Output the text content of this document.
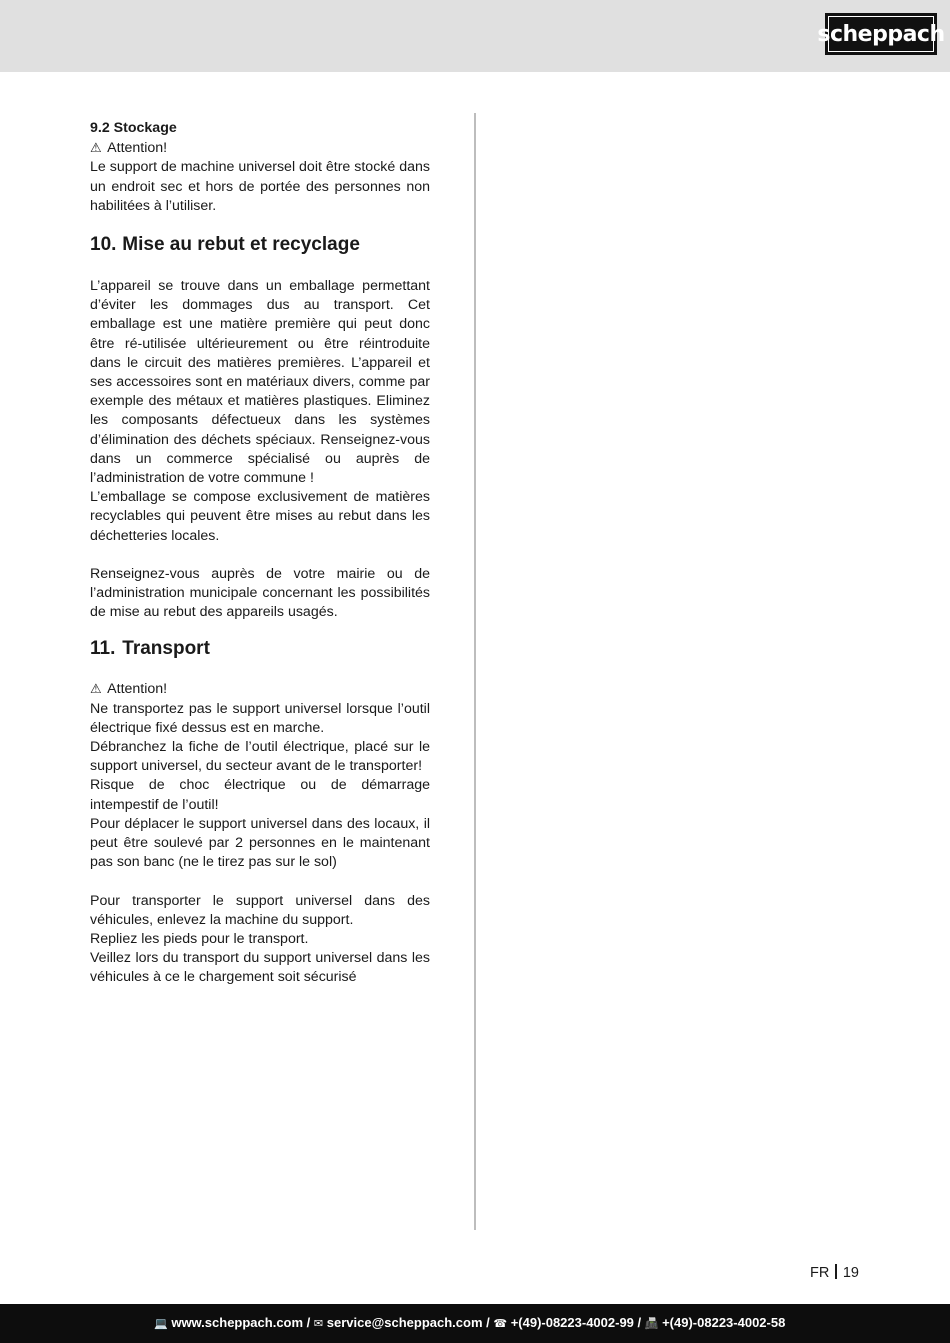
scheppach

9.2 Stockage

⚠ Attention!

Le support de machine universel doit être stocké dans un endroit sec et hors de portée des personnes non habilitées à l’utiliser.

10. Mise au rebut et recyclage

L’appareil se trouve dans un emballage permettant d’éviter les dommages dus au transport. Cet emballage est une matière première qui peut donc être ré-utilisée ultérieurement ou être réintroduite dans le circuit des matières premières. L’appareil et ses accessoires sont en matériaux divers, comme par exemple des métaux et matières plastiques. Eliminez les composants défectueux dans les systèmes d’élimination des déchets spéciaux. Renseignez-vous dans un commerce spécialisé ou auprès de l’administration de votre commune !

L’emballage se compose exclusivement de matières recyclables qui peuvent être mises au rebut dans les déchetteries locales.

Renseignez-vous auprès de votre mairie ou de l’administration municipale concernant les possibilités de mise au rebut des appareils usagés.

11. Transport

⚠ Attention!

Ne transportez pas le support universel lorsque l’outil électrique fixé dessus est en marche.

Débranchez la fiche de l’outil électrique, placé sur le support universel, du secteur avant de le transporter!

Risque de choc électrique ou de démarrage intempestif de l’outil!

Pour déplacer le support universel dans des locaux, il peut être soulevé par 2 personnes en le maintenant pas son banc (ne le tirez pas sur le sol)

Pour transporter le support universel dans des véhicules, enlevez la machine du support.

Repliez les pieds pour le transport.

Veillez lors du transport du support universel dans les véhicules à ce le chargement soit sécurisé

FR 19
💻 www.scheppach.com / ✉ service@scheppach.com / ☎ +(49)-08223-4002-99 / 📠 +(49)-08223-4002-58
